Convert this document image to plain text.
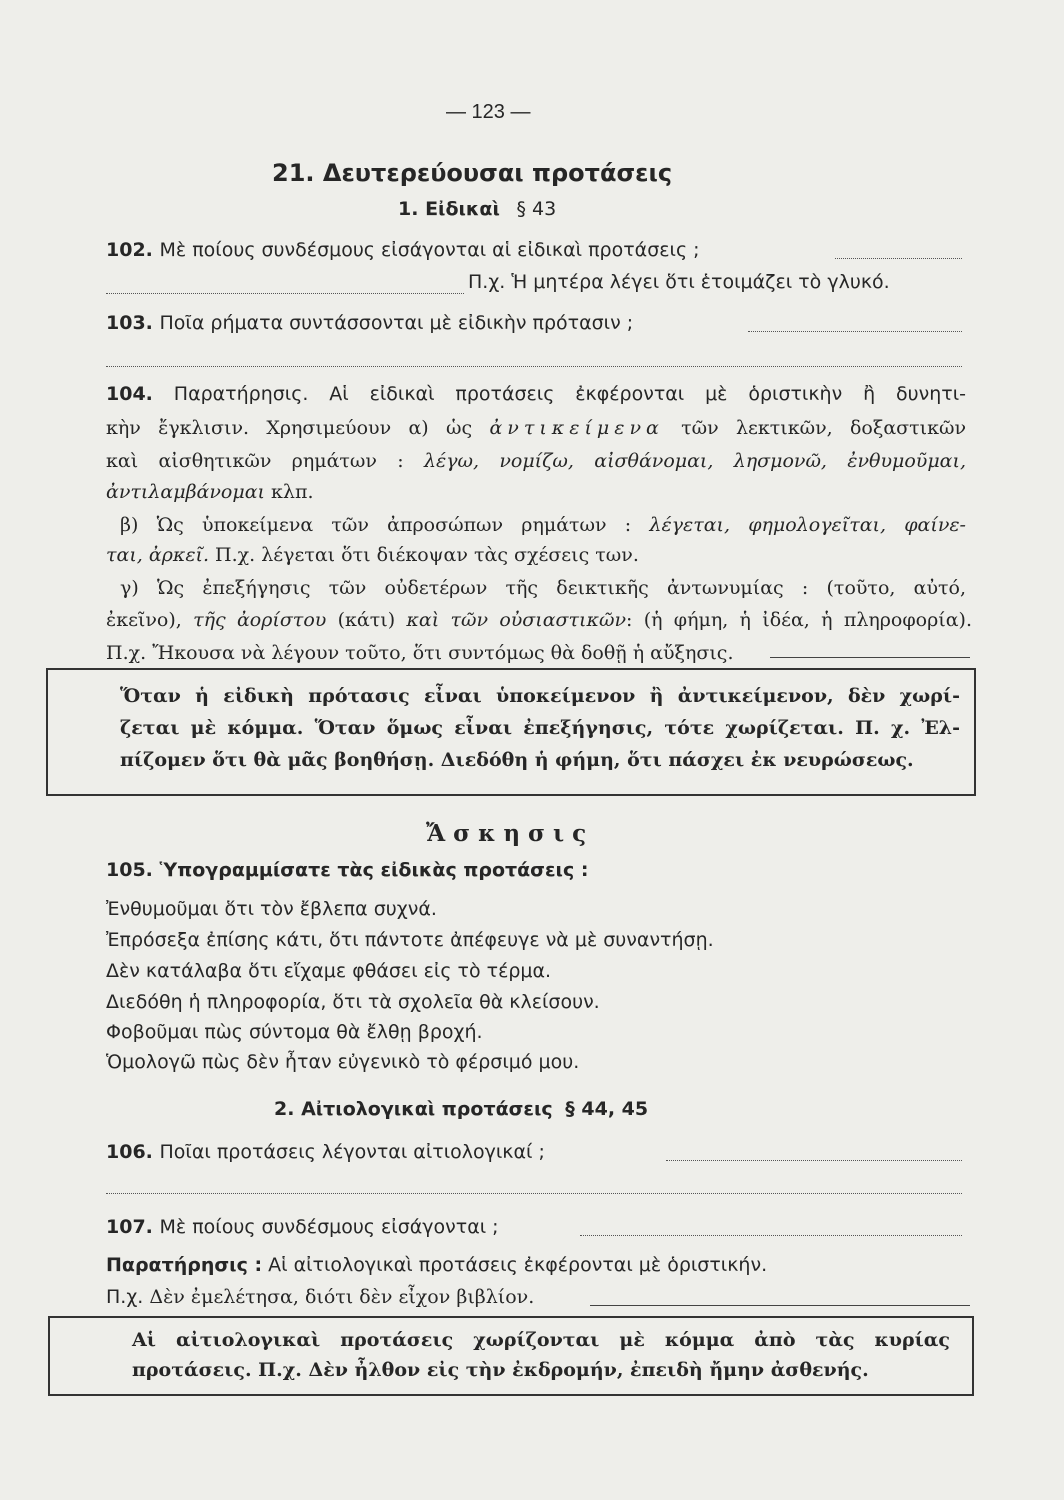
— 123 —
21. Δευτερεύουσαι προτάσεις
1. Εἰδικαὶ § 43
102. Μὲ ποίους συνδέσμους εἰσάγονται αἱ εἰδικαὶ προτάσεις ;
Π.χ. Ἡ μητέρα λέγει ὅτι ἑτοιμάζει τὸ γλυκό.
103. Ποῖα ρήματα συντάσσονται μὲ εἰδικὴν πρότασιν ;
104. Παρατήρησις. Αἱ εἰδικαὶ προτάσεις ἐκφέρονται μὲ ὁριστικὴν ἢ δυνητι-
κὴν ἔγκλισιν. Χρησιμεύουν α) ὡς ἀντικείμενα τῶν λεκτικῶν, δοξαστικῶν
καὶ αἰσθητικῶν ρημάτων : λέγω, νομίζω, αἰσθάνομαι, λησμονῶ, ἐνθυμοῦμαι,
ἀντιλαμβάνομαι κλπ.
β) Ὡς ὑποκείμενα τῶν ἀπροσώπων ρημάτων : λέγεται, φημολογεῖται, φαίνε-
ται, ἀρκεῖ. Π.χ. λέγεται ὅτι διέκοψαν τὰς σχέσεις των.
γ) Ὡς ἐπεξήγησις τῶν οὐδετέρων τῆς δεικτικῆς ἀντωνυμίας : (τοῦτο, αὐτό,
ἐκεῖνο), τῆς ἀορίστου (κάτι) καὶ τῶν οὐσιαστικῶν: (ἡ φήμη, ἡ ἰδέα, ἡ πληροφορία).
Π.χ. Ἤκουσα νὰ λέγουν τοῦτο, ὅτι συντόμως θὰ δοθῇ ἡ αὔξησις.
Ὅταν ἡ εἰδικὴ πρότασις εἶναι ὑποκείμενον ἢ ἀντικείμενον, δὲν χωρί-
ζεται μὲ κόμμα. Ὅταν ὅμως εἶναι ἐπεξήγησις, τότε χωρίζεται. Π. χ. Ἐλ-
πίζομεν ὅτι θὰ μᾶς βοηθήσῃ. Διεδόθη ἡ φήμη, ὅτι πάσχει ἐκ νευρώσεως.
Ἄσκησις
105. Ὑπογραμμίσατε τὰς εἰδικὰς προτάσεις :
Ἐνθυμοῦμαι ὅτι τὸν ἔβλεπα συχνά.
Ἐπρόσεξα ἐπίσης κάτι, ὅτι πάντοτε ἀπέφευγε νὰ μὲ συναντήσῃ.
Δὲν κατάλαβα ὅτι εἴχαμε φθάσει εἰς τὸ τέρμα.
Διεδόθη ἡ πληροφορία, ὅτι τὰ σχολεῖα θὰ κλείσουν.
Φοβοῦμαι πὼς σύντομα θὰ ἔλθῃ βροχή.
Ὁμολογῶ πὼς δὲν ἦταν εὐγενικὸ τὸ φέρσιμό μου.
2. Αἰτιολογικαὶ προτάσεις § 44, 45
106. Ποῖαι προτάσεις λέγονται αἰτιολογικαί ;
107. Μὲ ποίους συνδέσμους εἰσάγονται ;
Παρατήρησις : Αἱ αἰτιολογικαὶ προτάσεις ἐκφέρονται μὲ ὁριστικήν.
Π.χ. Δὲν ἐμελέτησα, διότι δὲν εἶχον βιβλίον.
Αἱ αἰτιολογικαὶ προτάσεις χωρίζονται μὲ κόμμα ἀπὸ τὰς κυρίας
προτάσεις. Π.χ. Δὲν ἦλθον εἰς τὴν ἐκδρομήν, ἐπειδὴ ἤμην ἀσθενής.
